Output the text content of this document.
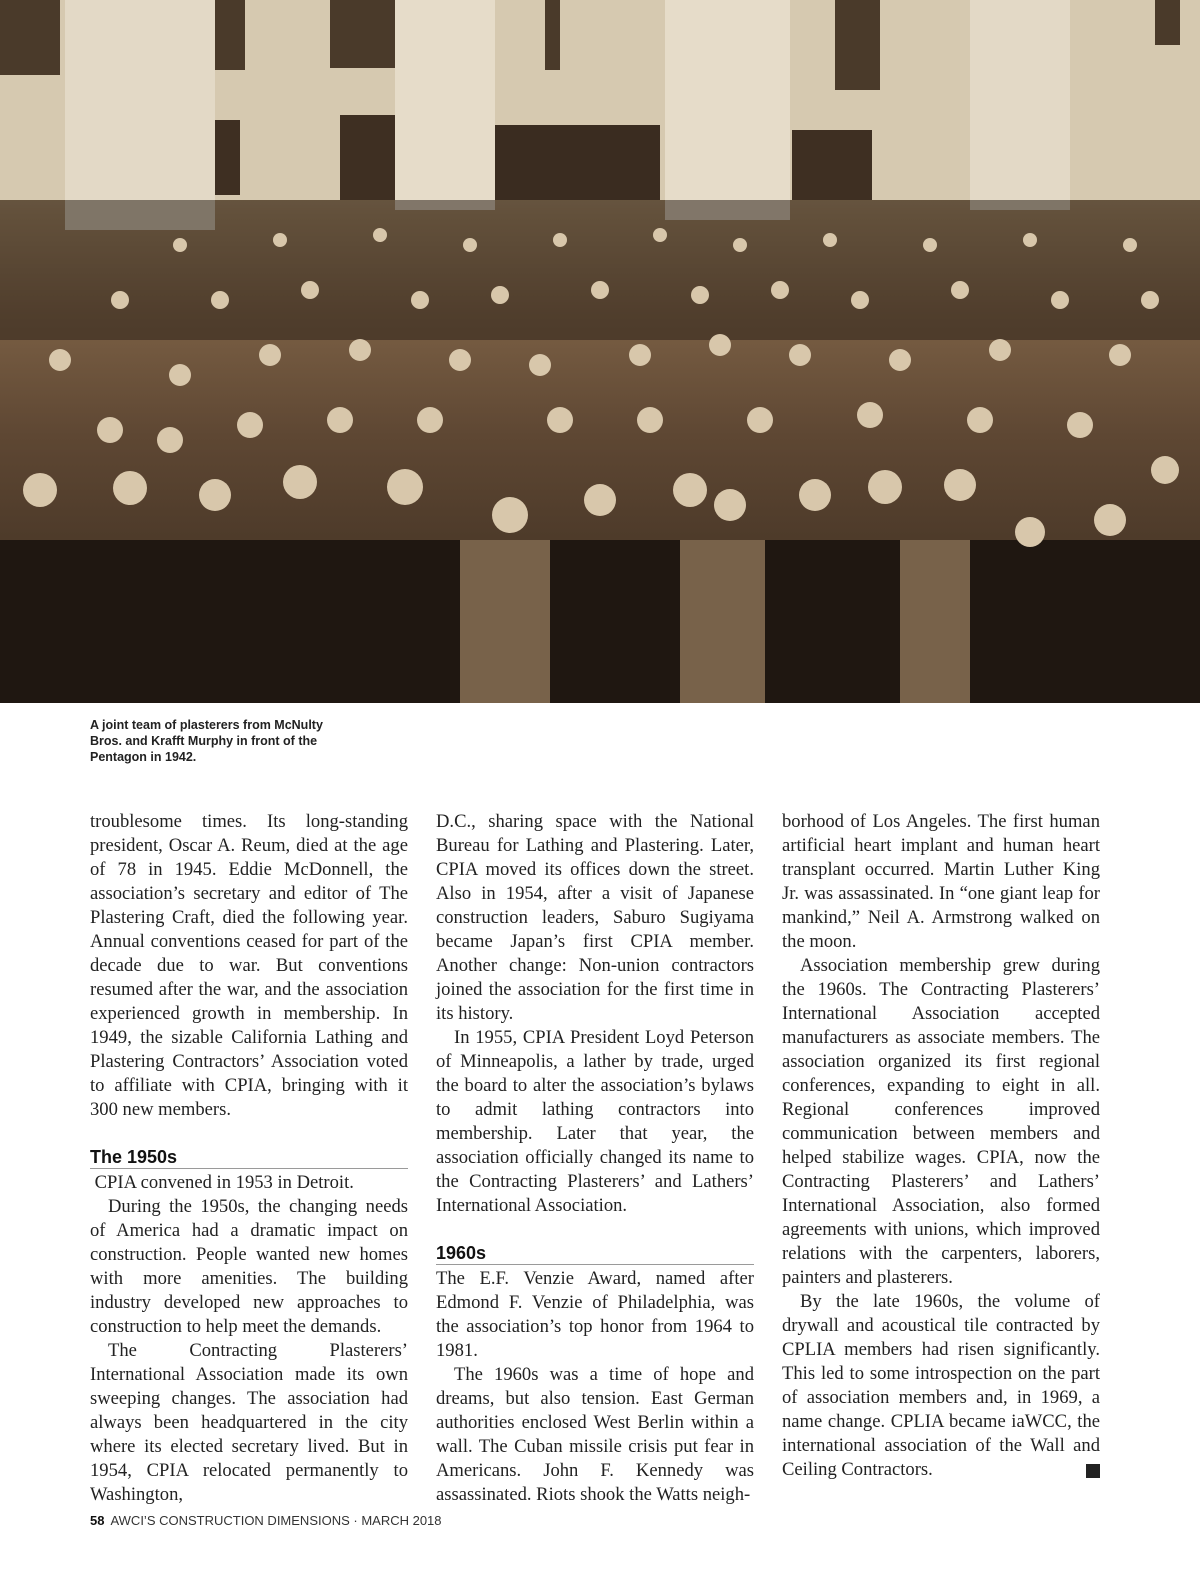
A joint team of plasterers from McNulty Bros. and Krafft Murphy in front of the Pentagon in 1942.

troublesome times. Its long-standing president, Oscar A. Reum, died at the age of 78 in 1945. Eddie McDonnell, the association’s secretary and editor of The Plastering Craft, died the following year. Annual conventions ceased for part of the decade due to war. But conventions resumed after the war, and the association experienced growth in membership. In 1949, the sizable California Lathing and Plastering Contractors’ Association voted to affiliate with CPIA, bringing with it 300 new members.

The 1950s

CPIA convened in 1953 in Detroit.

During the 1950s, the changing needs of America had a dramatic impact on construction. People wanted new homes with more amenities. The building industry developed new approaches to construction to help meet the demands.

The Contracting Plasterers’ International Association made its own sweeping changes. The association had always been headquartered in the city where its elected secretary lived. But in 1954, CPIA relocated permanently to Washington,

D.C., sharing space with the National Bureau for Lathing and Plastering. Later, CPIA moved its offices down the street. Also in 1954, after a visit of Japanese construction leaders, Saburo Sugiyama became Japan’s first CPIA member. Another change: Non-union contractors joined the association for the first time in its history.

In 1955, CPIA President Loyd Peterson of Minneapolis, a lather by trade, urged the board to alter the association’s bylaws to admit lathing contractors into membership. Later that year, the association officially changed its name to the Contracting Plasterers’ and Lathers’ International Association.

1960s

The E.F. Venzie Award, named after Edmond F. Venzie of Philadelphia, was the association’s top honor from 1964 to 1981.

The 1960s was a time of hope and dreams, but also tension. East German authorities enclosed West Berlin within a wall. The Cuban missile crisis put fear in Americans. John F. Kennedy was assassinated. Riots shook the Watts neigh-

borhood of Los Angeles. The first human artificial heart implant and human heart transplant occurred. Martin Luther King Jr. was assassinated. In “one giant leap for mankind,” Neil A. Armstrong walked on the moon.

Association membership grew during the 1960s. The Contracting Plasterers’ International Association accepted manufacturers as associate members. The association organized its first regional conferences, expanding to eight in all. Regional conferences improved communication between members and helped stabilize wages. CPIA, now the Contracting Plasterers’ and Lathers’ International Association, also formed agreements with unions, which improved relations with the carpenters, laborers, painters and plasterers.

By the late 1960s, the volume of drywall and acoustical tile contracted by CPLIA members had risen significantly. This led to some introspection on the part of association members and, in 1969, a name change. CPLIA became iaWCC, the international association of the Wall and Ceiling Contractors.	▶

58 AWCI’S CONSTRUCTION DIMENSIONS · MARCH 2018
